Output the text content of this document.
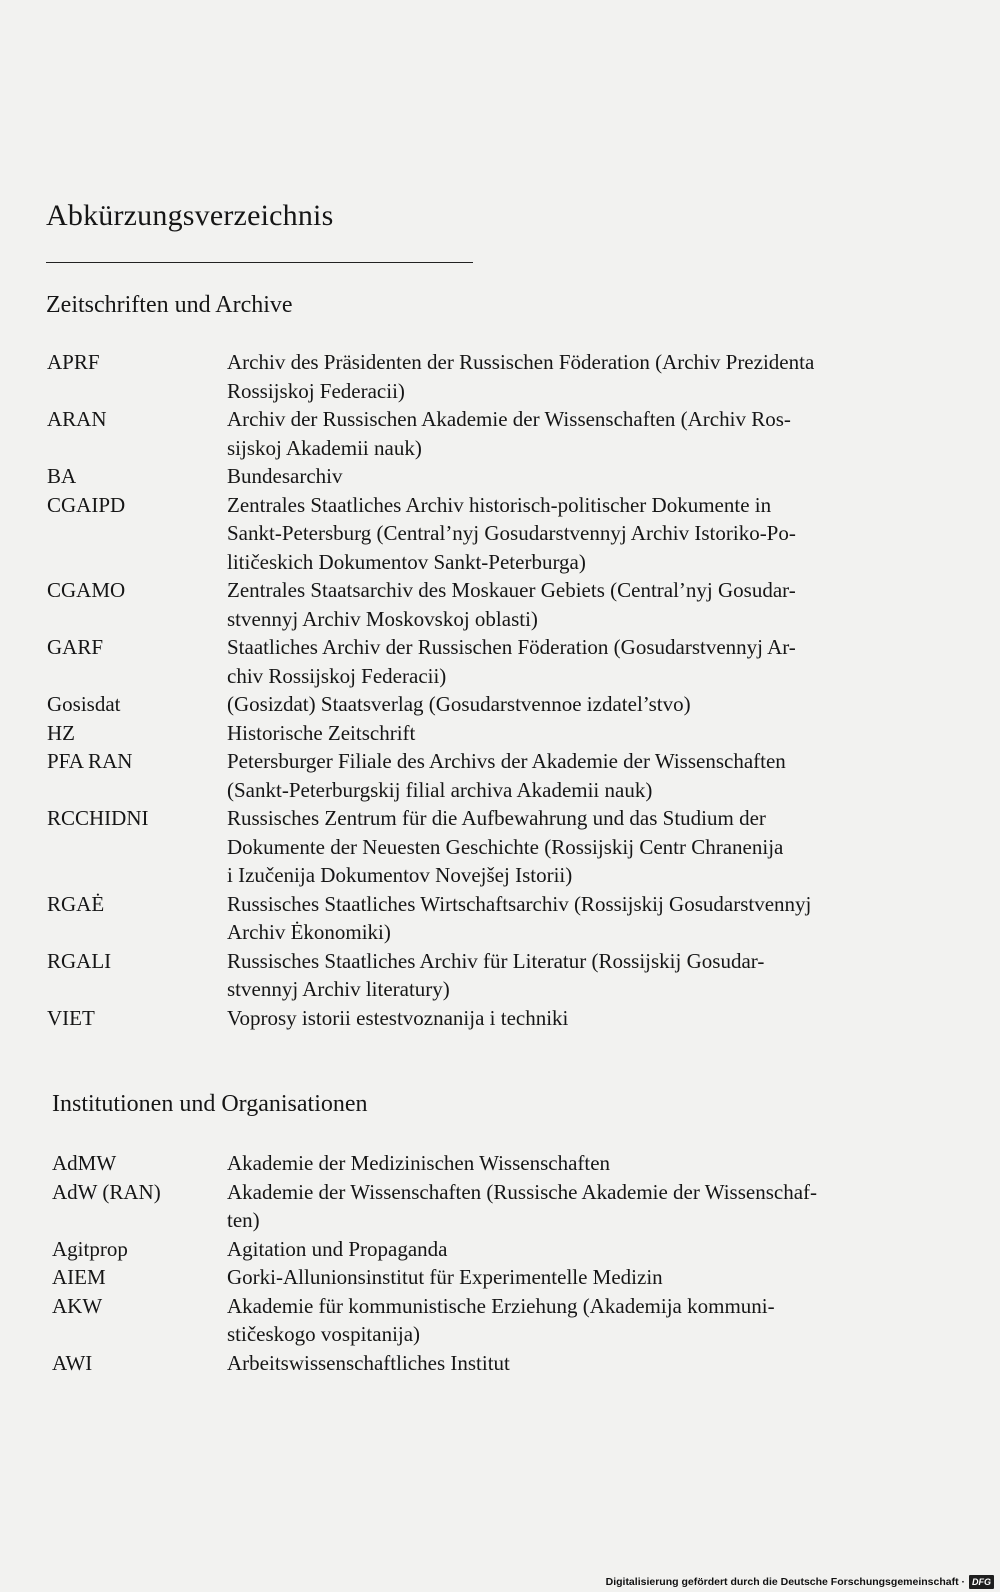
Abkürzungsverzeichnis
Zeitschriften und Archive
APRF	Archiv des Präsidenten der Russischen Föderation (Archiv Prezidenta
Rossijskoj Federacii)
ARAN	Archiv der Russischen Akademie der Wissenschaften (Archiv Ros-
sijskoj Akademii nauk)
BA	Bundesarchiv
CGAIPD	Zentrales Staatliches Archiv historisch-politischer Dokumente in
Sankt-Petersburg (Central’nyj Gosudarstvennyj Archiv Istoriko-Po-
litičeskich Dokumentov Sankt-Peterburga)
CGAMO	Zentrales Staatsarchiv des Moskauer Gebiets (Central’nyj Gosudar-
stvennyj Archiv Moskovskoj oblasti)
GARF	Staatliches Archiv der Russischen Föderation (Gosudarstvennyj Ar-
chiv Rossijskoj Federacii)
Gosisdat	(Gosizdat) Staatsverlag (Gosudarstvennoe izdatel’stvo)
HZ	Historische Zeitschrift
PFA RAN	Petersburger Filiale des Archivs der Akademie der Wissenschaften
(Sankt-Peterburgskij filial archiva Akademii nauk)
RCCHIDNI	Russisches Zentrum für die Aufbewahrung und das Studium der
Dokumente der Neuesten Geschichte (Rossijskij Centr Chranenija
i Izučenija Dokumentov Novejšej Istorii)
RGAĖ	Russisches Staatliches Wirtschaftsarchiv (Rossijskij Gosudarstvennyj
Archiv Ėkonomiki)
RGALI	Russisches Staatliches Archiv für Literatur (Rossijskij Gosudar-
stvennyj Archiv literatury)
VIET	Voprosy istorii estestvoznanija i techniki
Institutionen und Organisationen
AdMW	Akademie der Medizinischen Wissenschaften
AdW (RAN)	Akademie der Wissenschaften (Russische Akademie der Wissenschaf-
ten)
Agitprop	Agitation und Propaganda
AIEM	Gorki-Allunionsinstitut für Experimentelle Medizin
AKW	Akademie für kommunistische Erziehung (Akademija kommuni-
stičeskogo vospitanija)
AWI	Arbeitswissenschaftliches Institut
Digitalisierung gefördert durch die Deutsche Forschungsgemeinschaft · DFG
